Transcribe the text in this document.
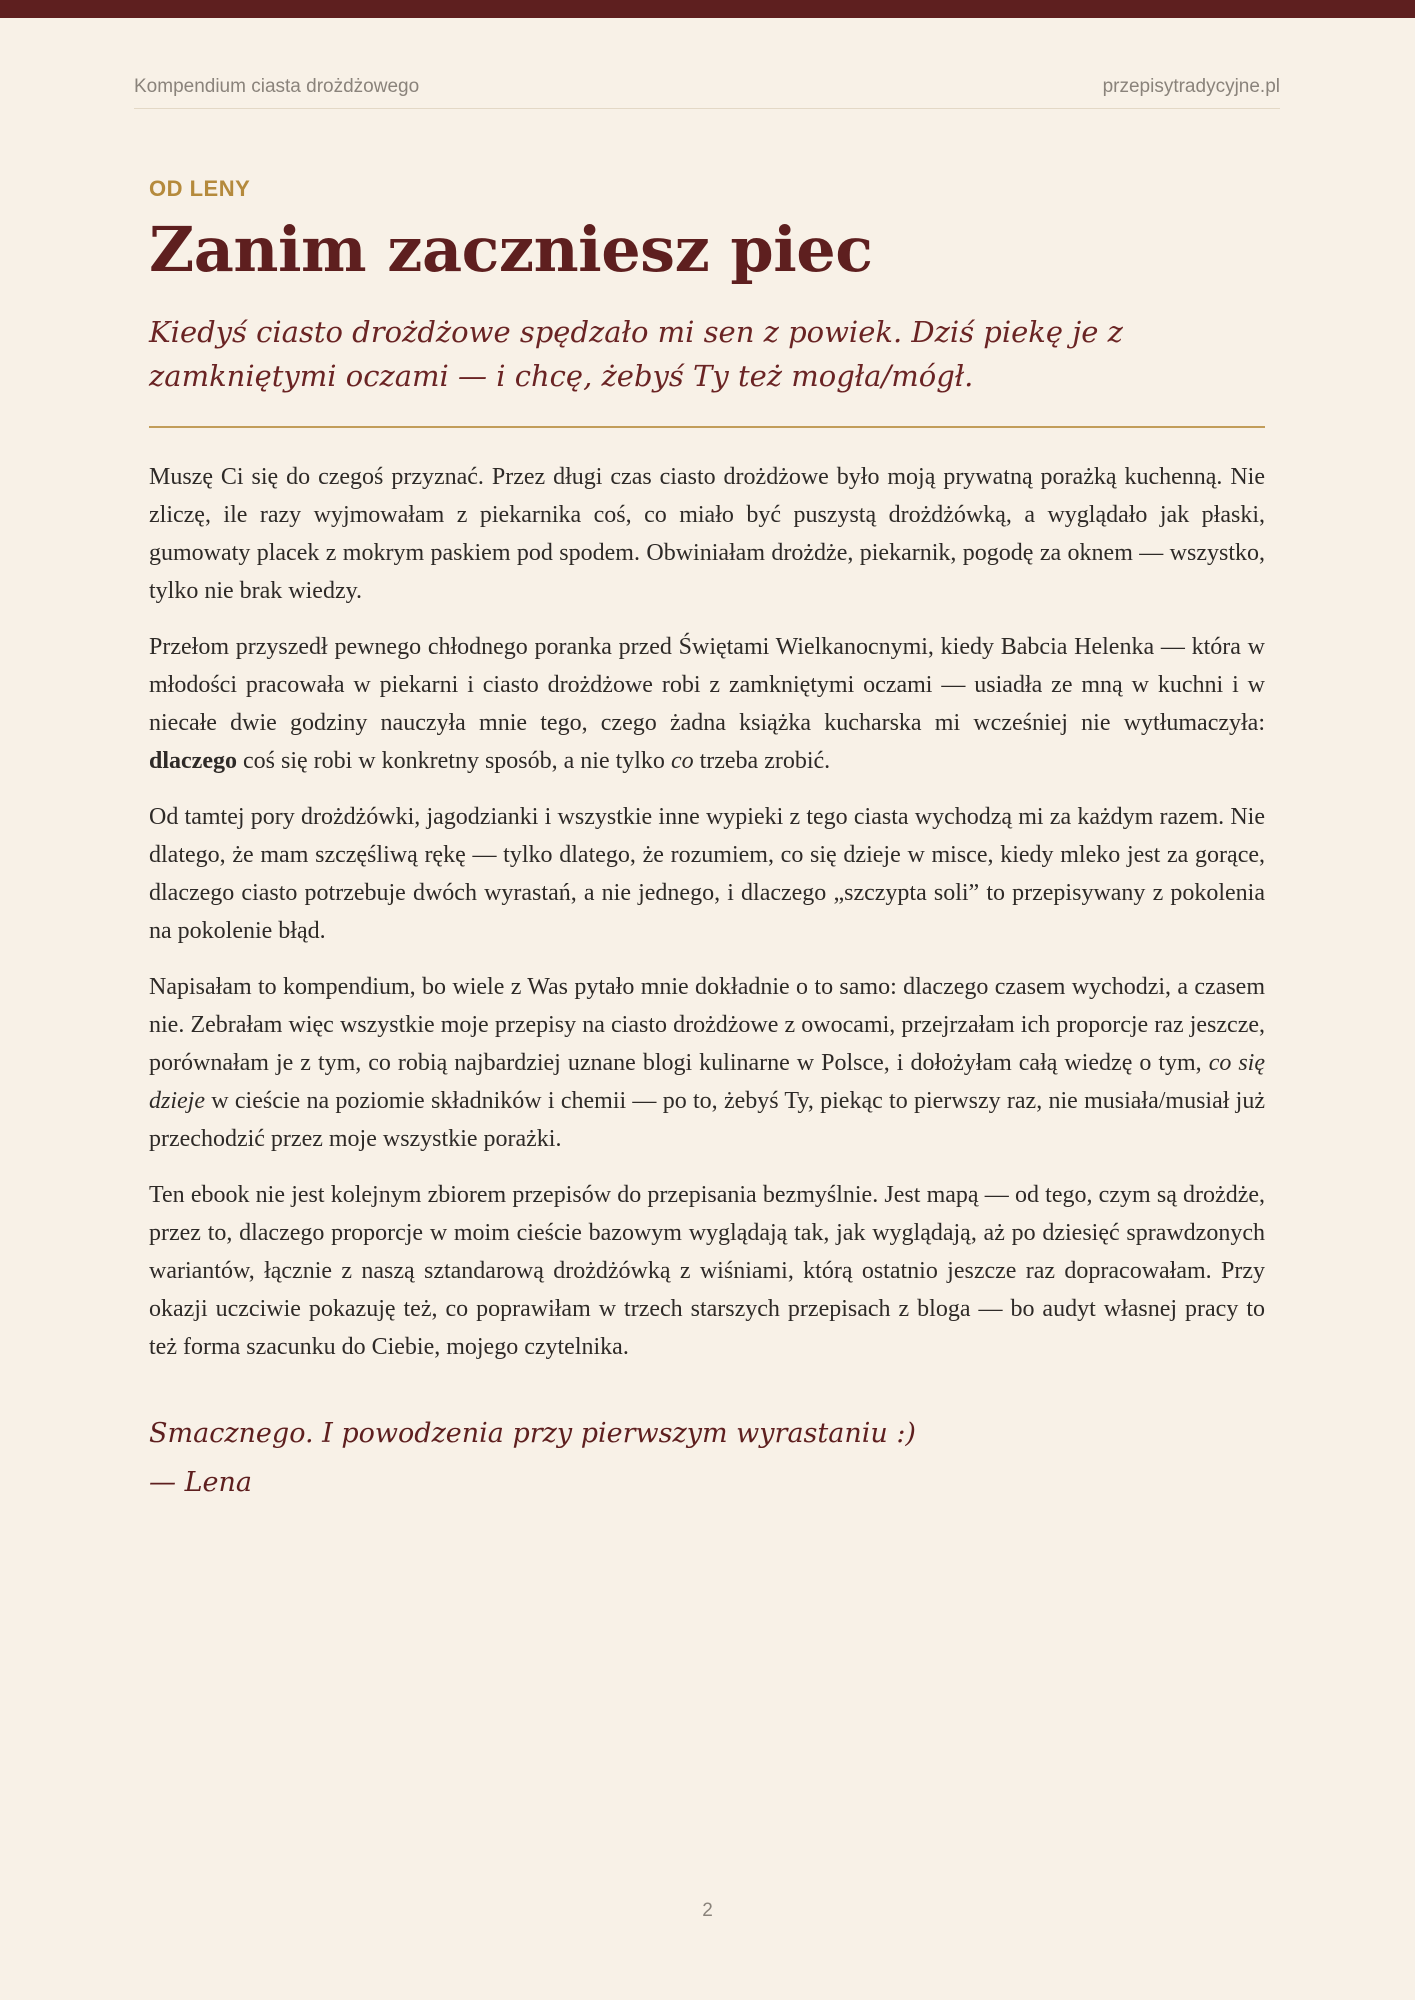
Kompendium ciasta drożdżowego	przepisytradycyjne.pl
OD LENY
Zanim zaczniesz piec

Kiedyś ciasto drożdżowe spędzało mi sen z powiek. Dziś piekę je z zamkniętymi oczami — i chcę, żebyś Ty też mogła/mógł.

Muszę Ci się do czegoś przyznać. Przez długi czas ciasto drożdżowe było moją prywatną porażką kuchenną. Nie zliczę, ile razy wyjmowałam z piekarnika coś, co miało być puszystą drożdżówką, a wyglądało jak płaski, gumowaty placek z mokrym paskiem pod spodem. Obwiniałam drożdże, piekarnik, pogodę za oknem — wszystko, tylko nie brak wiedzy.

Przełom przyszedł pewnego chłodnego poranka przed Świętami Wielkanocnymi, kiedy Babcia Helenka — która w młodości pracowała w piekarni i ciasto drożdżowe robi z zamkniętymi oczami — usiadła ze mną w kuchni i w niecałe dwie godziny nauczyła mnie tego, czego żadna książka kucharska mi wcześniej nie wytłumaczyła: dlaczego coś się robi w konkretny sposób, a nie tylko co trzeba zrobić.

Od tamtej pory drożdżówki, jagodzianki i wszystkie inne wypieki z tego ciasta wychodzą mi za każdym razem. Nie dlatego, że mam szczęśliwą rękę — tylko dlatego, że rozumiem, co się dzieje w misce, kiedy mleko jest za gorące, dlaczego ciasto potrzebuje dwóch wyrastań, a nie jednego, i dlaczego „szczypta soli” to przepisywany z pokolenia na pokolenie błąd.

Napisałam to kompendium, bo wiele z Was pytało mnie dokładnie o to samo: dlaczego czasem wychodzi, a czasem nie. Zebrałam więc wszystkie moje przepisy na ciasto drożdżowe z owocami, przejrzałam ich proporcje raz jeszcze, porównałam je z tym, co robią najbardziej uznane blogi kulinarne w Polsce, i dołożyłam całą wiedzę o tym, co się dzieje w cieście na poziomie składników i chemii — po to, żebyś Ty, piekąc to pierwszy raz, nie musiała/musiał już przechodzić przez moje wszystkie porażki.

Ten ebook nie jest kolejnym zbiorem przepisów do przepisania bezmyślnie. Jest mapą — od tego, czym są drożdże, przez to, dlaczego proporcje w moim cieście bazowym wyglądają tak, jak wyglądają, aż po dziesięć sprawdzonych wariantów, łącznie z naszą sztandarową drożdżówką z wiśniami, którą ostatnio jeszcze raz dopracowałam. Przy okazji uczciwie pokazuję też, co poprawiłam w trzech starszych przepisach z bloga — bo audyt własnej pracy to też forma szacunku do Ciebie, mojego czytelnika.

Smacznego. I powodzenia przy pierwszym wyrastaniu :)
— Lena
2
